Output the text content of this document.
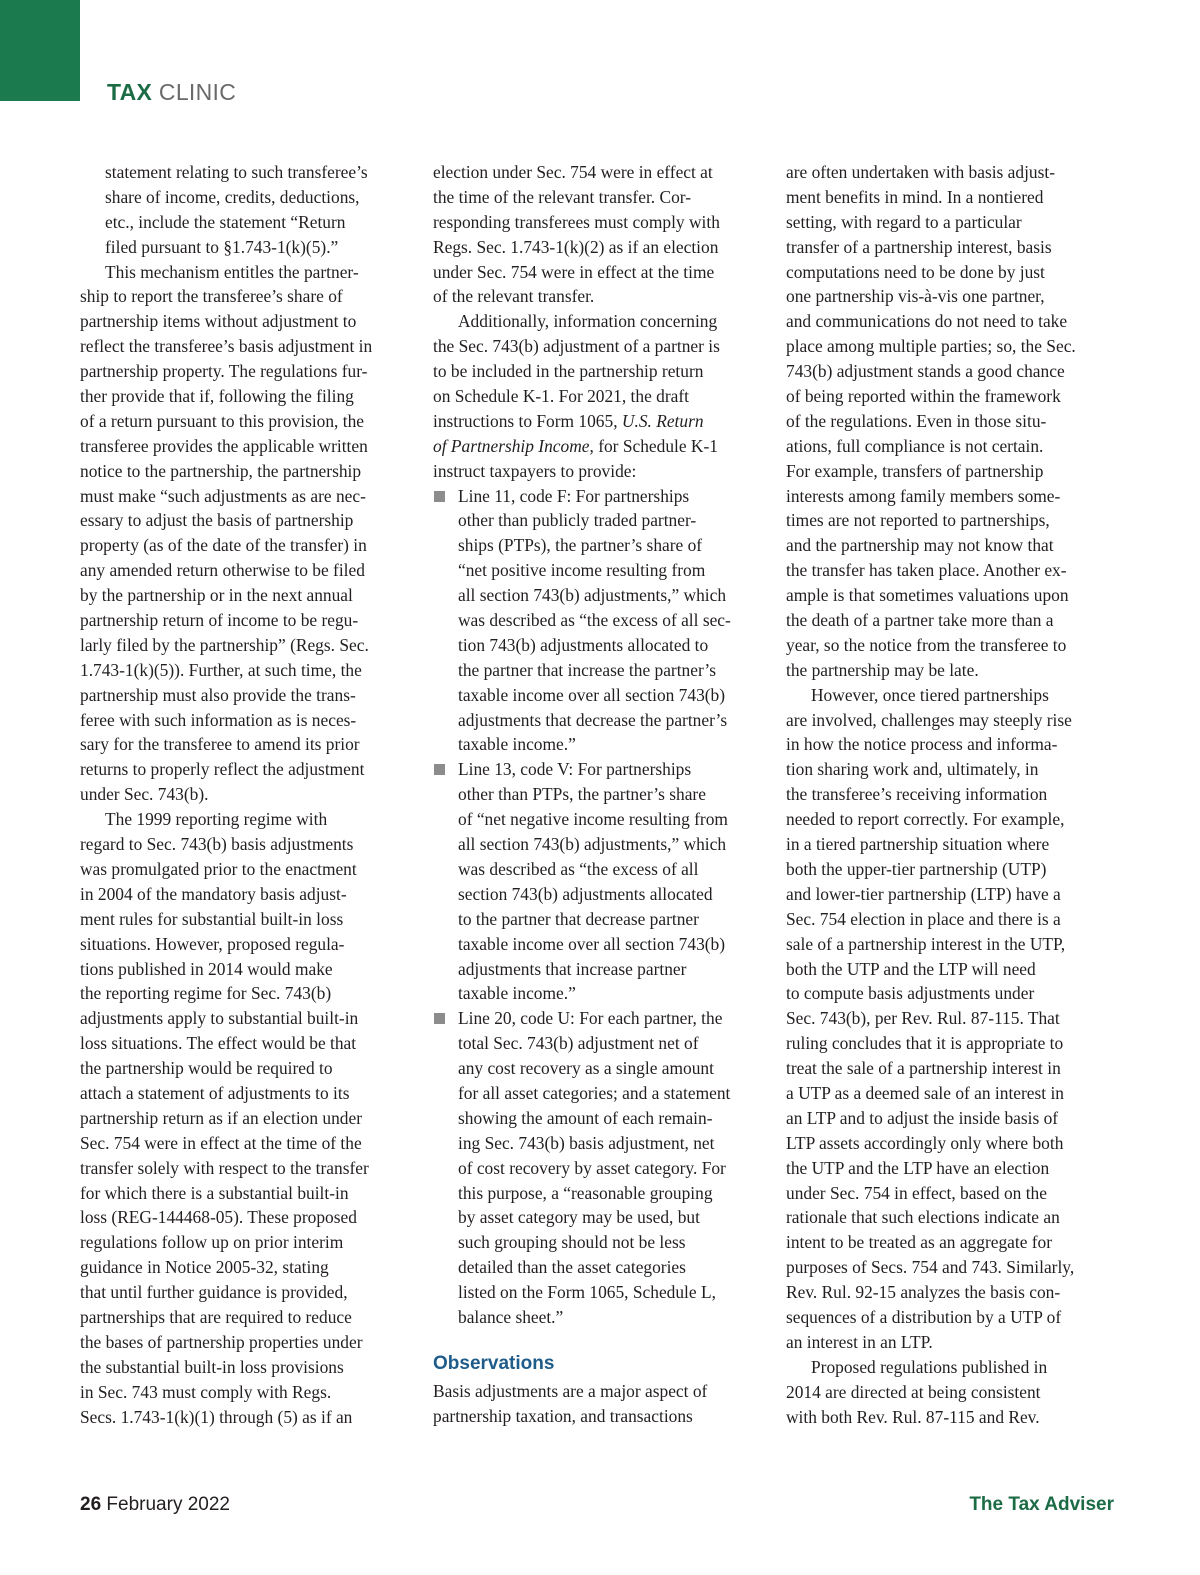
TAX CLINIC
statement relating to such transferee’s
share of income, credits, deductions,
etc., include the statement “Return
filed pursuant to §1.743-1(k)(5).”
This mechanism entitles the partner-
ship to report the transferee’s share of
partnership items without adjustment to
reflect the transferee’s basis adjustment in
partnership property. The regulations fur-
ther provide that if, following the filing
of a return pursuant to this provision, the
transferee provides the applicable written
notice to the partnership, the partnership
must make “such adjustments as are nec-
essary to adjust the basis of partnership
property (as of the date of the transfer) in
any amended return otherwise to be filed
by the partnership or in the next annual
partnership return of income to be regu-
larly filed by the partnership” (Regs. Sec.
1.743-1(k)(5)). Further, at such time, the
partnership must also provide the trans-
feree with such information as is neces-
sary for the transferee to amend its prior
returns to properly reflect the adjustment
under Sec. 743(b).
The 1999 reporting regime with
regard to Sec. 743(b) basis adjustments
was promulgated prior to the enactment
in 2004 of the mandatory basis adjust-
ment rules for substantial built-in loss
situations. However, proposed regula-
tions published in 2014 would make
the reporting regime for Sec. 743(b)
adjustments apply to substantial built-in
loss situations. The effect would be that
the partnership would be required to
attach a statement of adjustments to its
partnership return as if an election under
Sec. 754 were in effect at the time of the
transfer solely with respect to the transfer
for which there is a substantial built-in
loss (REG-144468-05). These proposed
regulations follow up on prior interim
guidance in Notice 2005-32, stating
that until further guidance is provided,
partnerships that are required to reduce
the bases of partnership properties under
the substantial built-in loss provisions
in Sec. 743 must comply with Regs.
Secs. 1.743-1(k)(1) through (5) as if an
election under Sec. 754 were in effect at
the time of the relevant transfer. Cor-
responding transferees must comply with
Regs. Sec. 1.743-1(k)(2) as if an election
under Sec. 754 were in effect at the time
of the relevant transfer.
Additionally, information concerning
the Sec. 743(b) adjustment of a partner is
to be included in the partnership return
on Schedule K-1. For 2021, the draft
instructions to Form 1065, U.S. Return
of Partnership Income, for Schedule K-1
instruct taxpayers to provide:
Line 11, code F: For partnerships
other than publicly traded partner-
ships (PTPs), the partner’s share of
“net positive income resulting from
all section 743(b) adjustments,” which
was described as “the excess of all sec-
tion 743(b) adjustments allocated to
the partner that increase the partner’s
taxable income over all section 743(b)
adjustments that decrease the partner’s
taxable income.”
Line 13, code V: For partnerships
other than PTPs, the partner’s share
of “net negative income resulting from
all section 743(b) adjustments,” which
was described as “the excess of all
section 743(b) adjustments allocated
to the partner that decrease partner
taxable income over all section 743(b)
adjustments that increase partner
taxable income.”
Line 20, code U: For each partner, the
total Sec. 743(b) adjustment net of
any cost recovery as a single amount
for all asset categories; and a statement
showing the amount of each remain-
ing Sec. 743(b) basis adjustment, net
of cost recovery by asset category. For
this purpose, a “reasonable grouping
by asset category may be used, but
such grouping should not be less
detailed than the asset categories
listed on the Form 1065, Schedule L,
balance sheet.”
Observations
Basis adjustments are a major aspect of
partnership taxation, and transactions
are often undertaken with basis adjust-
ment benefits in mind. In a nontiered
setting, with regard to a particular
transfer of a partnership interest, basis
computations need to be done by just
one partnership vis-à-vis one partner,
and communications do not need to take
place among multiple parties; so, the Sec.
743(b) adjustment stands a good chance
of being reported within the framework
of the regulations. Even in those situ-
ations, full compliance is not certain.
For example, transfers of partnership
interests among family members some-
times are not reported to partnerships,
and the partnership may not know that
the transfer has taken place. Another ex-
ample is that sometimes valuations upon
the death of a partner take more than a
year, so the notice from the transferee to
the partnership may be late.
However, once tiered partnerships
are involved, challenges may steeply rise
in how the notice process and informa-
tion sharing work and, ultimately, in
the transferee’s receiving information
needed to report correctly. For example,
in a tiered partnership situation where
both the upper-tier partnership (UTP)
and lower-tier partnership (LTP) have a
Sec. 754 election in place and there is a
sale of a partnership interest in the UTP,
both the UTP and the LTP will need
to compute basis adjustments under
Sec. 743(b), per Rev. Rul. 87-115. That
ruling concludes that it is appropriate to
treat the sale of a partnership interest in
a UTP as a deemed sale of an interest in
an LTP and to adjust the inside basis of
LTP assets accordingly only where both
the UTP and the LTP have an election
under Sec. 754 in effect, based on the
rationale that such elections indicate an
intent to be treated as an aggregate for
purposes of Secs. 754 and 743. Similarly,
Rev. Rul. 92-15 analyzes the basis con-
sequences of a distribution by a UTP of
an interest in an LTP.
Proposed regulations published in
2014 are directed at being consistent
with both Rev. Rul. 87-115 and Rev.
26 February 2022	The Tax Adviser
